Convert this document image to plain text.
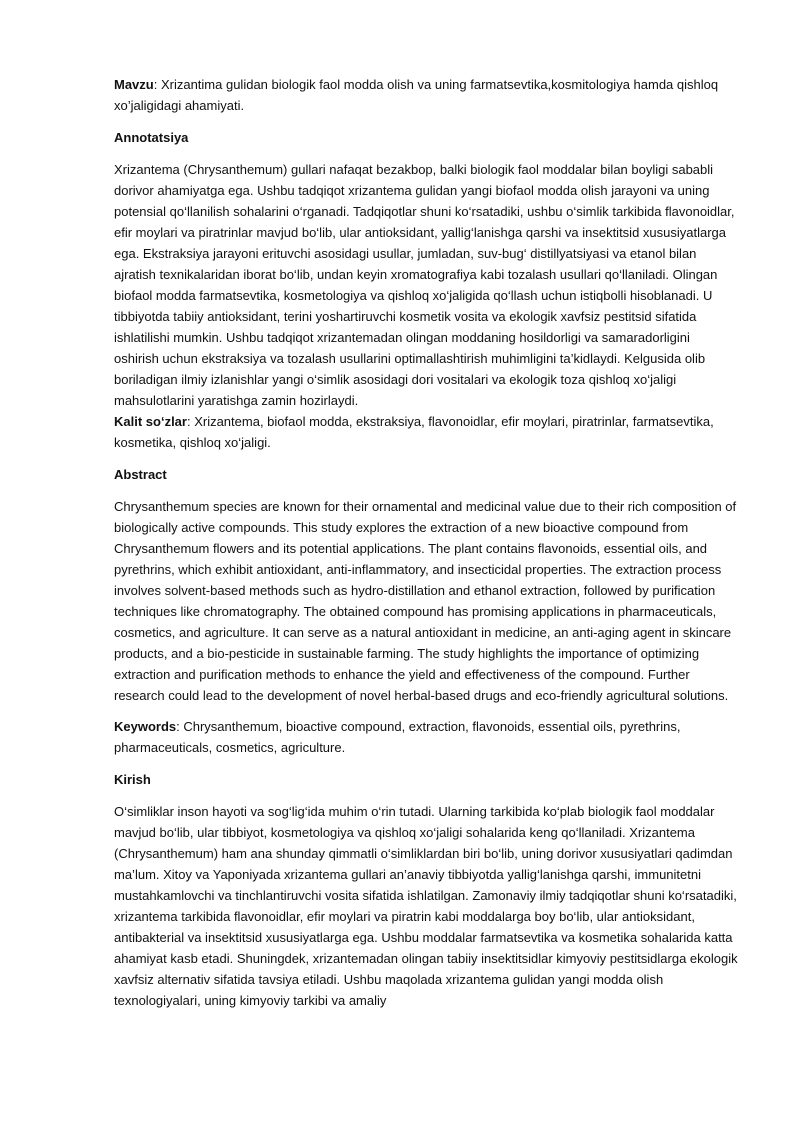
Mavzu: Xrizantima gulidan biologik faol modda olish va uning farmatsevtika,kosmitologiya hamda qishloq xo’jaligidagi ahamiyati.

Annotatsiya

Xrizantema (Chrysanthemum) gullari nafaqat bezakbop, balki biologik faol moddalar bilan boyligi sababli dorivor ahamiyatga ega. Ushbu tadqiqot xrizantema gulidan yangi biofaol modda olish jarayoni va uning potensial qo‘llanilish sohalarini o‘rganadi. Tadqiqotlar shuni ko‘rsatadiki, ushbu o‘simlik tarkibida flavonoidlar, efir moylari va piratrinlar mavjud bo‘lib, ular antioksidant, yallig‘lanishga qarshi va insektitsid xususiyatlarga ega. Ekstraksiya jarayoni erituvchi asosidagi usullar, jumladan, suv-bug‘ distillyatsiyasi va etanol bilan ajratish texnikalaridan iborat bo‘lib, undan keyin xromatografiya kabi tozalash usullari qo‘llaniladi. Olingan biofaol modda farmatsevtika, kosmetologiya va qishloq xo‘jaligida qo‘llash uchun istiqbolli hisoblanadi. U tibbiyotda tabiiy antioksidant, terini yoshartiruvchi kosmetik vosita va ekologik xavfsiz pestitsid sifatida ishlatilishi mumkin. Ushbu tadqiqot xrizantemadan olingan moddaning hosildorligi va samaradorligini oshirish uchun ekstraksiya va tozalash usullarini optimallashtirish muhimligini ta’kidlaydi. Kelgusida olib boriladigan ilmiy izlanishlar yangi o‘simlik asosidagi dori vositalari va ekologik toza qishloq xo‘jaligi mahsulotlarini yaratishga zamin hozirlaydi.

Kalit so‘zlar: Xrizantema, biofaol modda, ekstraksiya, flavonoidlar, efir moylari, piratrinlar, farmatsevtika, kosmetika, qishloq xo‘jaligi.

Abstract

Chrysanthemum species are known for their ornamental and medicinal value due to their rich composition of biologically active compounds. This study explores the extraction of a new bioactive compound from Chrysanthemum flowers and its potential applications. The plant contains flavonoids, essential oils, and pyrethrins, which exhibit antioxidant, anti-inflammatory, and insecticidal properties. The extraction process involves solvent-based methods such as hydro-distillation and ethanol extraction, followed by purification techniques like chromatography. The obtained compound has promising applications in pharmaceuticals, cosmetics, and agriculture. It can serve as a natural antioxidant in medicine, an anti-aging agent in skincare products, and a bio-pesticide in sustainable farming. The study highlights the importance of optimizing extraction and purification methods to enhance the yield and effectiveness of the compound. Further research could lead to the development of novel herbal-based drugs and eco-friendly agricultural solutions.

Keywords: Chrysanthemum, bioactive compound, extraction, flavonoids, essential oils, pyrethrins, pharmaceuticals, cosmetics, agriculture.

Kirish

O‘simliklar inson hayoti va sog‘lig‘ida muhim o‘rin tutadi. Ularning tarkibida ko‘plab biologik faol moddalar mavjud bo‘lib, ular tibbiyot, kosmetologiya va qishloq xo‘jaligi sohalarida keng qo‘llaniladi. Xrizantema (Chrysanthemum) ham ana shunday qimmatli o‘simliklardan biri bo‘lib, uning dorivor xususiyatlari qadimdan ma’lum. Xitoy va Yaponiyada xrizantema gullari an’anaviy tibbiyotda yallig‘lanishga qarshi, immunitetni mustahkamlovchi va tinchlantiruvchi vosita sifatida ishlatilgan. Zamonaviy ilmiy tadqiqotlar shuni ko‘rsatadiki, xrizantema tarkibida flavonoidlar, efir moylari va piratrin kabi moddalarga boy bo‘lib, ular antioksidant, antibakterial va insektitsid xususiyatlarga ega. Ushbu moddalar farmatsevtika va kosmetika sohalarida katta ahamiyat kasb etadi. Shuningdek, xrizantemadan olingan tabiiy insektitsidlar kimyoviy pestitsidlarga ekologik xavfsiz alternativ sifatida tavsiya etiladi. Ushbu maqolada xrizantema gulidan yangi modda olish texnologiyalari, uning kimyoviy tarkibi va amaliy
